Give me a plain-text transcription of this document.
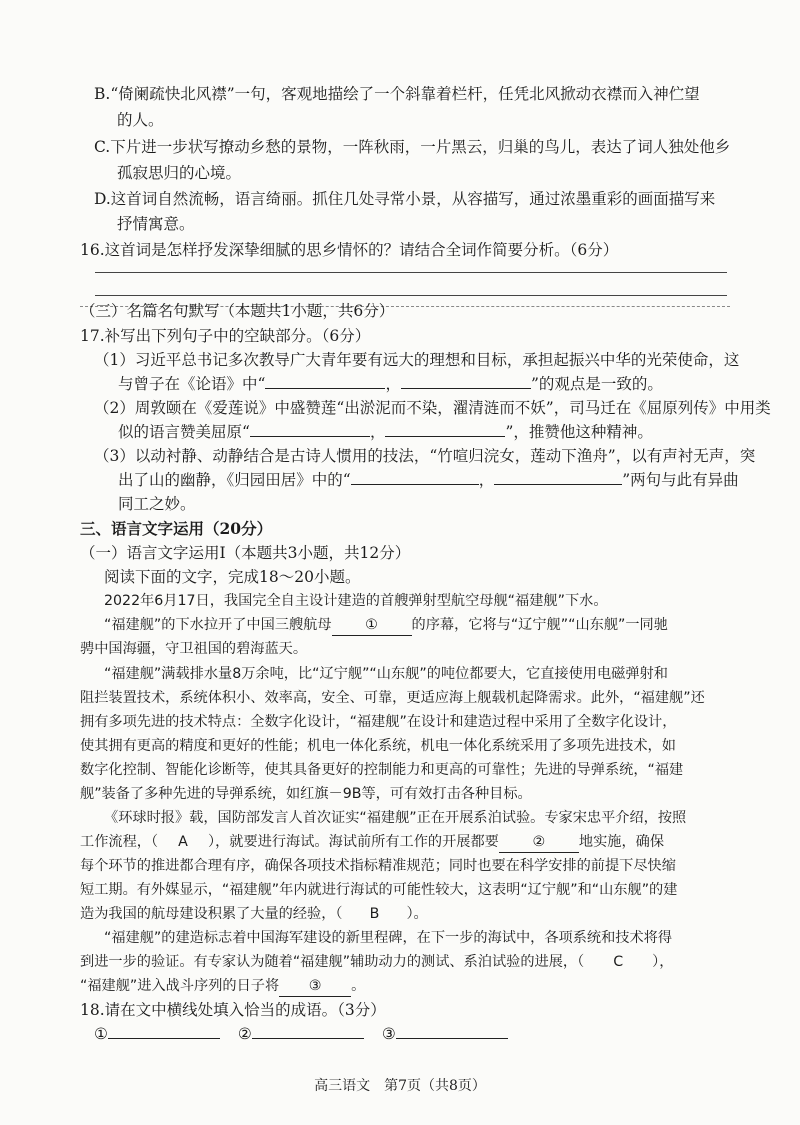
B.“倚阑疏快北风襟”一句，客观地描绘了一个斜靠着栏杆，任凭北风掀动衣襟而入神伫望
的人。
C.下片进一步状写撩动乡愁的景物，一阵秋雨，一片黑云，归巢的鸟儿，表达了词人独处他乡
孤寂思归的心境。
D.这首词自然流畅，语言绮丽。抓住几处寻常小景，从容描写，通过浓墨重彩的画面描写来
抒情寓意。
16.这首词是怎样抒发深挚细腻的思乡情怀的？请结合全词作简要分析。（6分）
（三）名篇名句默写（本题共1小题，共6分）
17.补写出下列句子中的空缺部分。（6分）
（1）习近平总书记多次教导广大青年要有远大的理想和目标，承担起振兴中华的光荣使命，这
与曾子在《论语》中“	，	”的观点是一致的。
（2）周敦颐在《爱莲说》中盛赞莲“出淤泥而不染，濯清涟而不妖”，司马迁在《屈原列传》中用类
似的语言赞美屈原“	，	”，推赞他这种精神。
（3）以动衬静、动静结合是古诗人惯用的技法，“竹喧归浣女，莲动下渔舟”，以有声衬无声，突
出了山的幽静，《归园田居》中的“	，	”两句与此有异曲
同工之妙。
三、语言文字运用（20分）
（一）语言文字运用Ⅰ（本题共3小题，共12分）
阅读下面的文字，完成18～20小题。
2022年6月17日，我国完全自主设计建造的首艘弹射型航空母舰“福建舰”下水。
“福建舰”的下水拉开了中国三艘航母 ① 的序幕，它将与“辽宁舰”“山东舰”一同驰
骋中国海疆，守卫祖国的碧海蓝天。
“福建舰”满载排水量8万余吨，比“辽宁舰”“山东舰”的吨位都要大，它直接使用电磁弹射和
阻拦装置技术，系统体积小、效率高，安全、可靠，更适应海上舰载机起降需求。此外，“福建舰”还
拥有多项先进的技术特点：全数字化设计，“福建舰”在设计和建造过程中采用了全数字化设计，
使其拥有更高的精度和更好的性能；机电一体化系统，机电一体化系统采用了多项先进技术，如
数字化控制、智能化诊断等，使其具备更好的控制能力和更高的可靠性；先进的导弹系统，“福建
舰”装备了多种先进的导弹系统，如红旗－9B等，可有效打击各种目标。
《环球时报》载，国防部发言人首次证实“福建舰”正在开展系泊试验。专家宋忠平介绍，按照
工作流程，（ A ），就要进行海试。海试前所有工作的开展都要 ② 地实施，确保
每个环节的推进都合理有序，确保各项技术指标精准规范；同时也要在科学安排的前提下尽快缩
短工期。有外媒显示，“福建舰”年内就进行海试的可能性较大，这表明“辽宁舰”和“山东舰”的建
造为我国的航母建设积累了大量的经验，（ B ）。
“福建舰”的建造标志着中国海军建设的新里程碑，在下一步的海试中，各项系统和技术将得
到进一步的验证。有专家认为随着“福建舰”辅助动力的测试、系泊试验的进展，（ C ），
“福建舰”进入战斗序列的日子将 ③ 。
18.请在文中横线处填入恰当的成语。（3分）
①	②	③
高三语文　第7页（共8页）
